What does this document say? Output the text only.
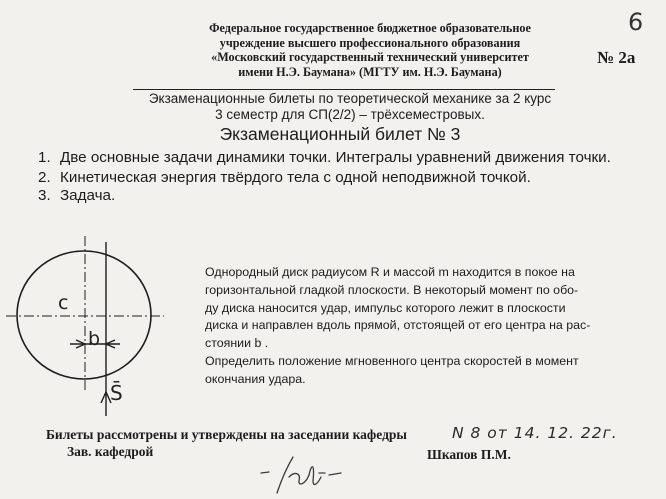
6
Федеральное государственное бюджетное образовательное
учреждение высшего профессионального образования
«Московский государственный технический университет
имени Н.Э. Баумана» (МГТУ им. Н.Э. Баумана)
№ 2а
Экзаменационные билеты по теоретической механике за 2 курс
3 семестр для СП(2/2) – трёхсеместровых.
Экзаменационный билет № 3
1. Две основные задачи динамики точки. Интегралы уравнений движения точки.
2. Кинетическая энергия твёрдого тела с одной неподвижной точкой.
3. Задача.
c
b
S̄
Однородный диск радиусом R и массой m находится в покое на
горизонтальной гладкой плоскости. В некоторый момент по обо-
ду диска наносится удар, импульс которого лежит в плоскости
диска и направлен вдоль прямой, отстоящей от его центра на рас-
стоянии b .
Определить положение мгновенного центра скоростей в момент
окончания удара.
Билеты рассмотрены и утверждены на заседании кафедры	N 8 от 14. 12. 22г.
Зав. кафедрой	Шкапов П.М.
